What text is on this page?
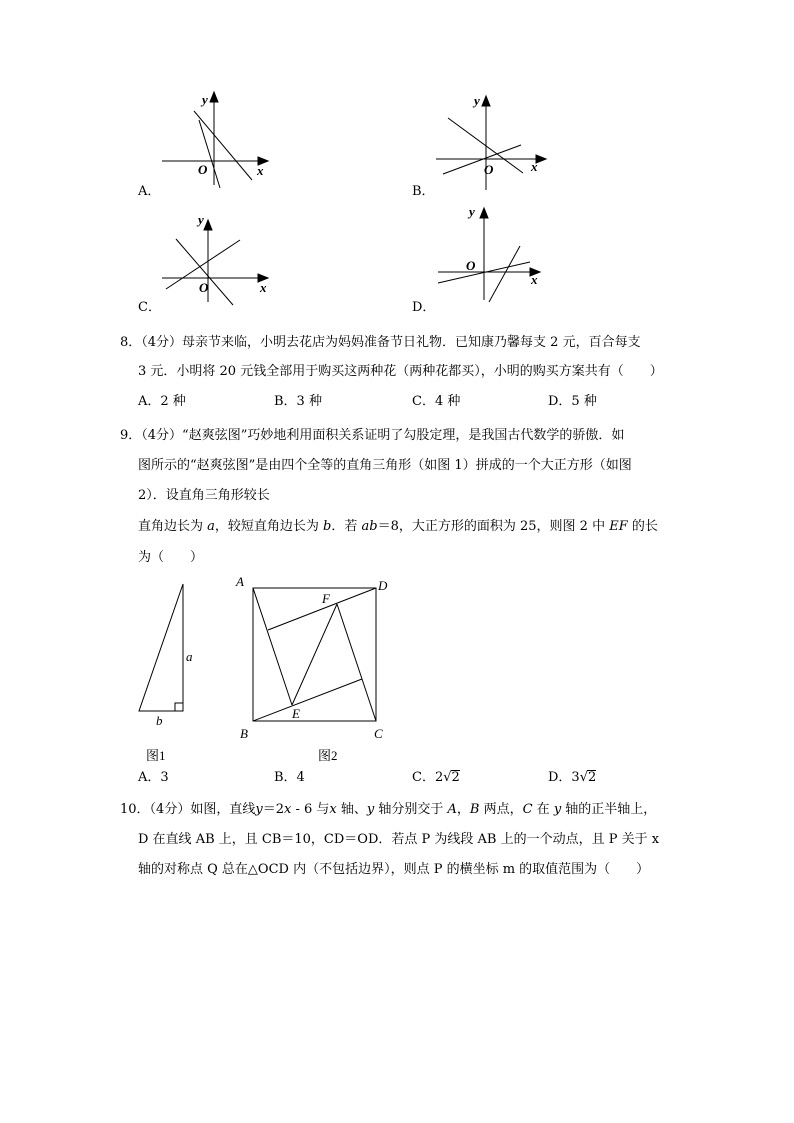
y
x
O
y
x
O
y
x
O
y
x
O
a
b
图1
A	D
F
E
B	C
图2
A．	B．
C．	D．
8．（4分）母亲节来临，小明去花店为妈妈准备节日礼物．已知康乃馨每支 2 元，百合每支
3 元．小明将 20 元钱全部用于购买这两种花（两种花都买），小明的购买方案共有（　　）
A．2 种	B．3 种	C．4 种	D．5 种
9．（4分）“赵爽弦图”巧妙地利用面积关系证明了勾股定理，是我国古代数学的骄傲．如
图所示的“赵爽弦图”是由四个全等的直角三角形（如图 1）拼成的一个大正方形（如图
2）．设直角三角形较长
直角边长为 a，较短直角边长为 b．若 ab＝8，大正方形的面积为 25，则图 2 中 EF 的长
为（　　）
A．3	B．4	C．2√2	D．3√2
10．（4分）如图，直线y＝2x - 6 与x 轴、y 轴分别交于 A，B 两点，C 在 y 轴的正半轴上，
D 在直线 AB 上，且 CB＝10，CD＝OD．若点 P 为线段 AB 上的一个动点，且 P 关于 x
轴的对称点 Q 总在△OCD 内（不包括边界），则点 P 的横坐标 m 的取值范围为（　　）
